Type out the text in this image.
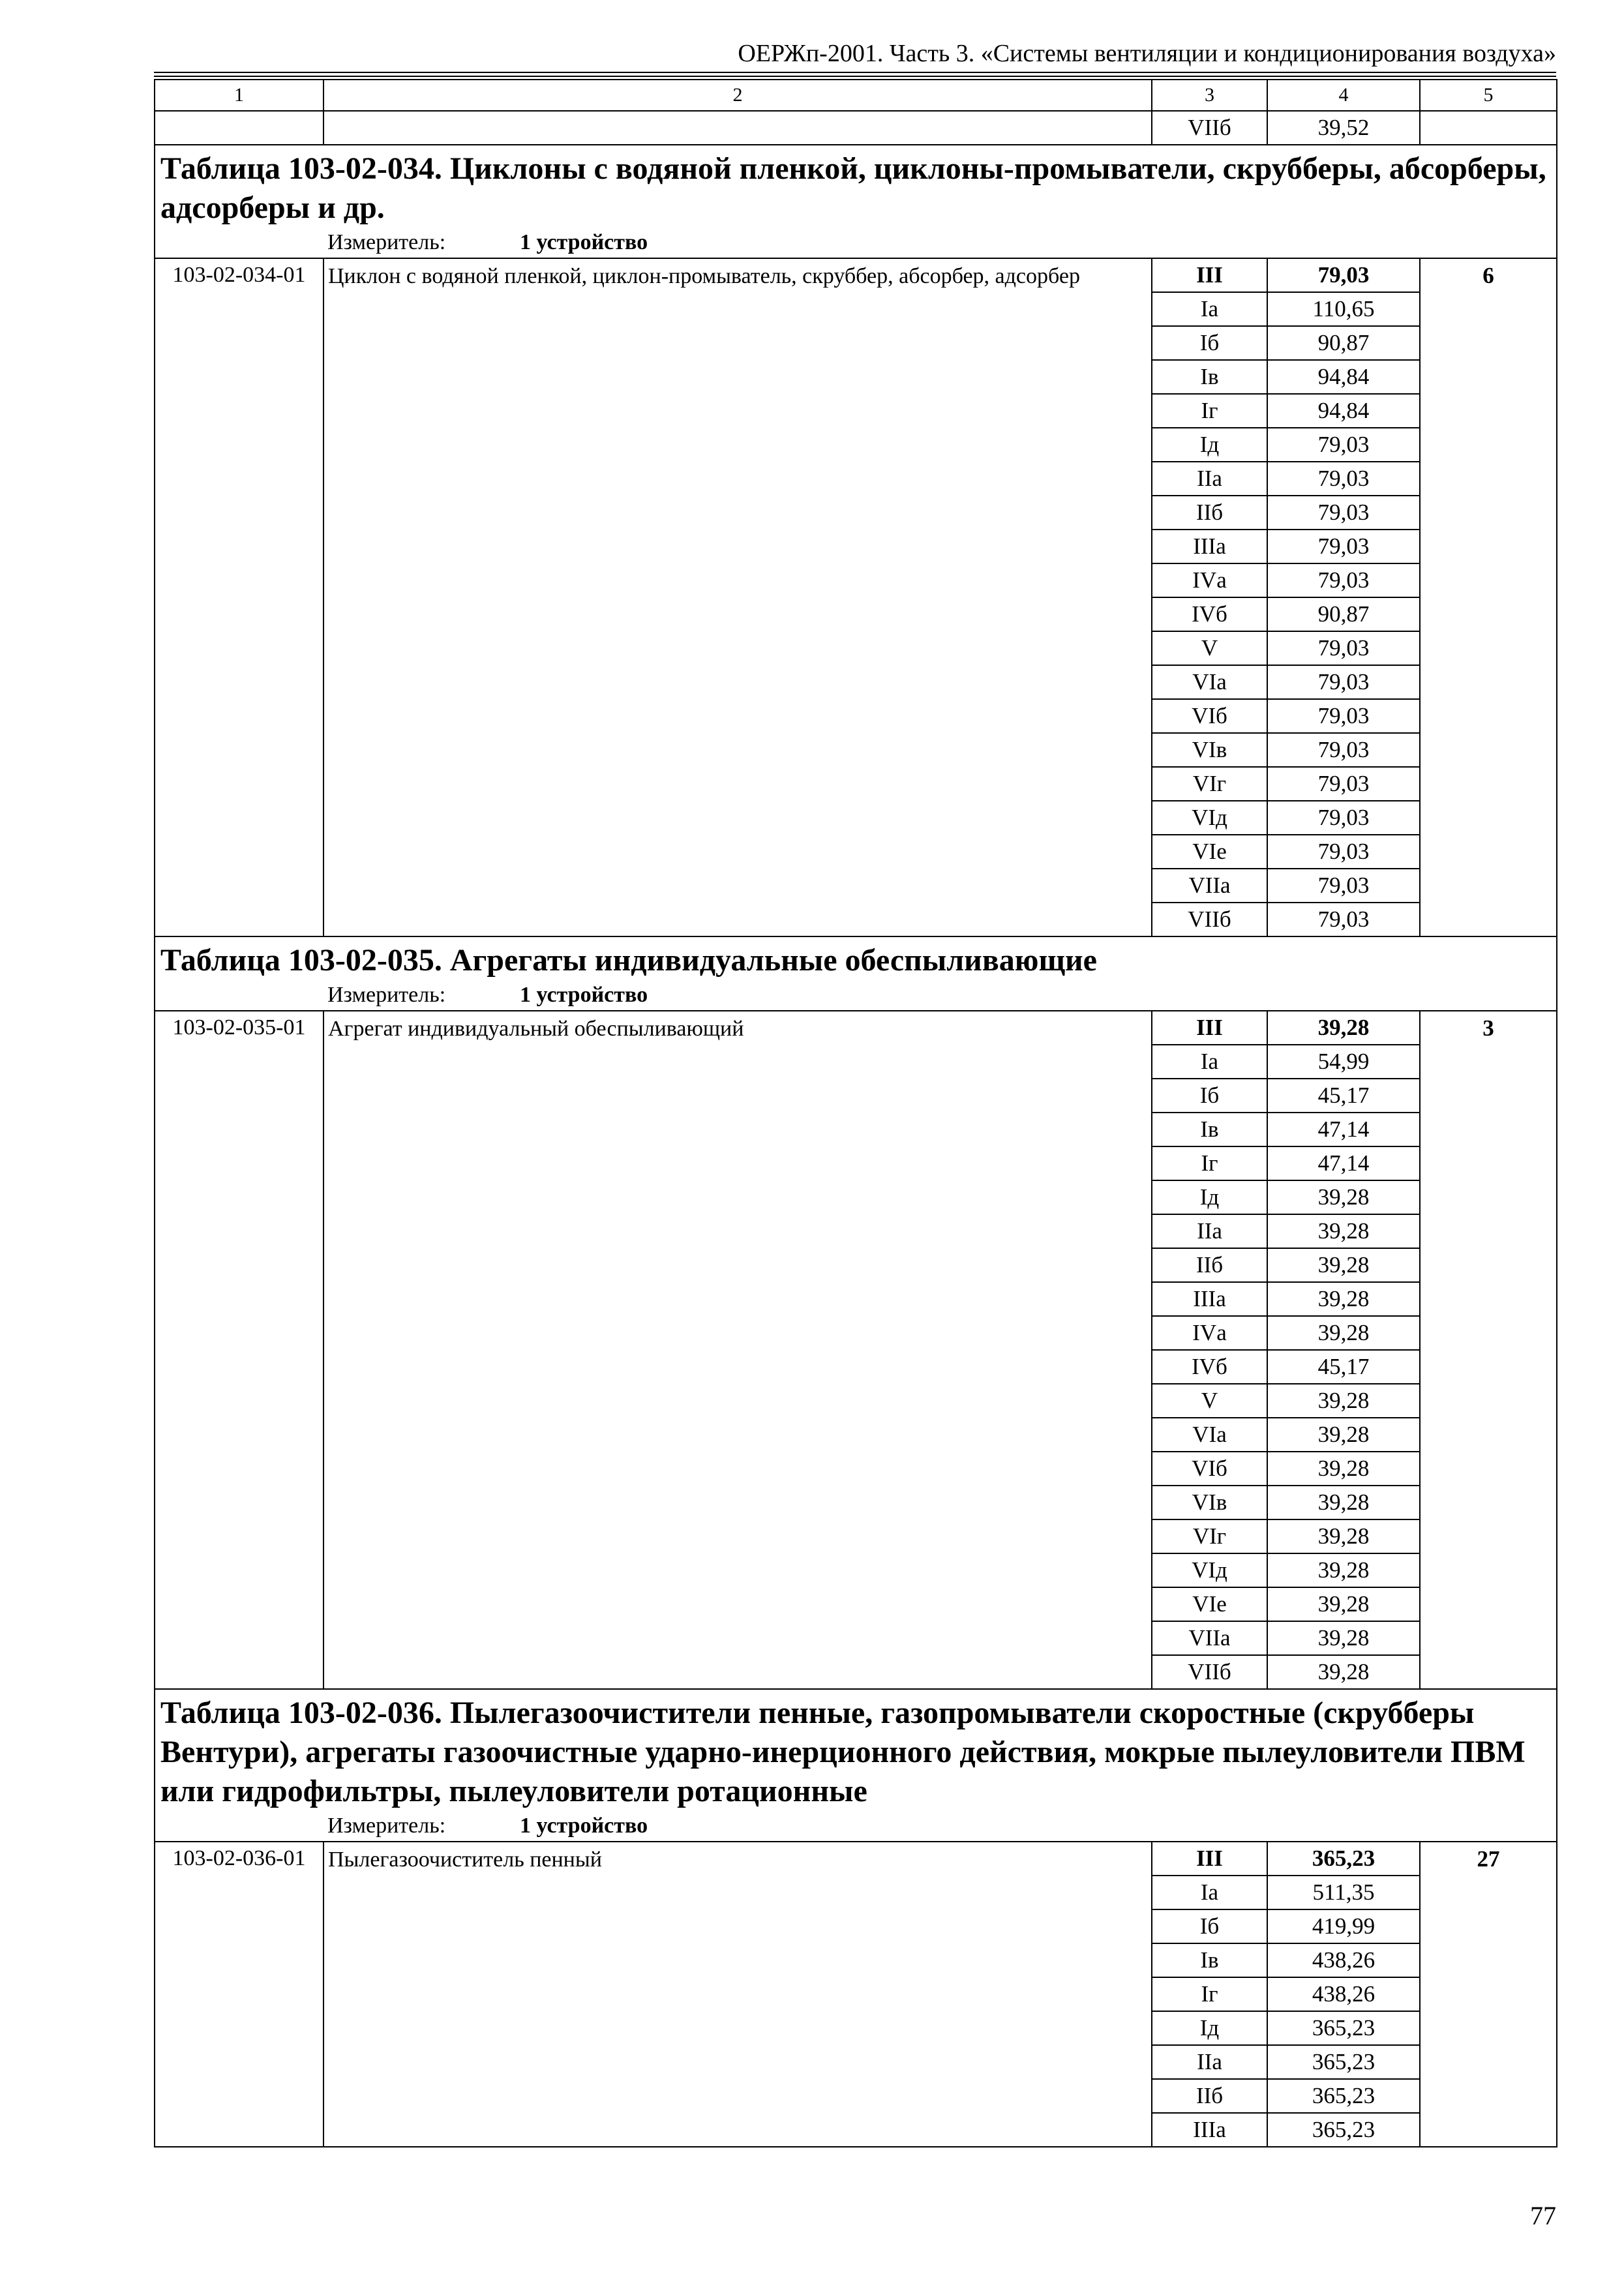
ОЕРЖп-2001. Часть 3. «Системы вентиляции и кондиционирования воздуха»
1	2	3	4	5
		VIIб	39,52	

Таблица 103-02-034. Циклоны с водяной пленкой, циклоны-промыватели, скрубберы, абсорберы, адсорберы и др.
Измеритель: 1 устройство				

103-02-034-01	Циклон с водяной пленкой, циклон-промыватель, скруббер, абсорбер, адсорбер	III	79,03	6
		Iа	110,65	
		Iб	90,87	
		Iв	94,84	
		Iг	94,84	
		Iд	79,03	
		IIа	79,03	
		IIб	79,03	
		IIIа	79,03	
		IVа	79,03	
		IVб	90,87	
		V	79,03	
		VIа	79,03	
		VIб	79,03	
		VIв	79,03	
		VIг	79,03	
		VIд	79,03	
		VIе	79,03	
		VIIа	79,03	
		VIIб	79,03	

Таблица 103-02-035. Агрегаты индивидуальные обеспыливающие
Измеритель: 1 устройство				

103-02-035-01	Агрегат индивидуальный обеспыливающий	III	39,28	3
		Iа	54,99	
		Iб	45,17	
		Iв	47,14	
		Iг	47,14	
		Iд	39,28	
		IIа	39,28	
		IIб	39,28	
		IIIа	39,28	
		IVа	39,28	
		IVб	45,17	
		V	39,28	
		VIа	39,28	
		VIб	39,28	
		VIв	39,28	
		VIг	39,28	
		VIд	39,28	
		VIе	39,28	
		VIIа	39,28	
		VIIб	39,28	

Таблица 103-02-036. Пылегазоочистители пенные, газопромыватели скоростные (скрубберы Вентури), агрегаты газоочистные ударно-инерционного действия, мокрые пылеуловители ПВМ или гидрофильтры, пылеуловители ротационные
Измеритель: 1 устройство				

103-02-036-01	Пылегазоочиститель пенный	III	365,23	27
		Iа	511,35	
		Iб	419,99	
		Iв	438,26	
		Iг	438,26	
		Iд	365,23	
		IIа	365,23	
		IIб	365,23	
		IIIа	365,23	
77
